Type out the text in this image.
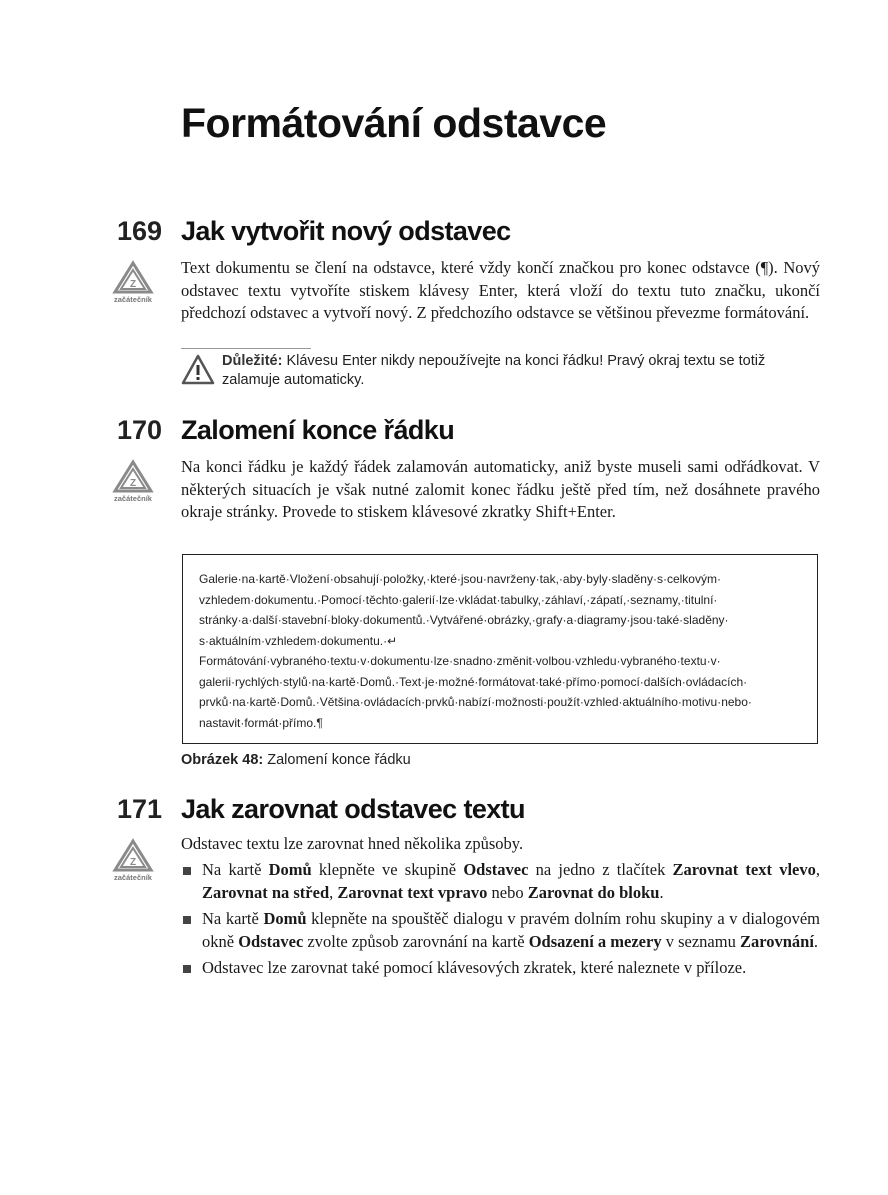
Formátování odstavce
169 Jak vytvořit nový odstavec
Z
začátečník

Text dokumentu se člení na odstavce, které vždy končí značkou pro konec odstavce (¶). Nový odstavec textu vytvoříte stiskem klávesy Enter, která vloží do textu tuto značku, ukončí předchozí odstavec a vytvoří nový. Z předchozího odstavce se většinou převezme formátování.

Důležité: Klávesu Enter nikdy nepoužívejte na konci řádku! Pravý okraj textu se totiž zalamuje automaticky.

170 Zalomení konce řádku
Z
začátečník

Na konci řádku je každý řádek zalamován automaticky, aniž byste museli sami odřádkovat. V některých situacích je však nutné zalomit konec řádku ještě před tím, než dosáhnete pravého okraje stránky. Provede to stiskem klávesové zkratky Shift+Enter.

Galerie·na·kartě·Vložení·obsahují·položky,·které·jsou·navrženy·tak,·aby·byly·sladěny·s·celkovým· vzhledem·dokumentu.·Pomocí·těchto·galerií·lze·vkládat·tabulky,·záhlaví,·zápatí,·seznamy,·titulní· stránky·a·další·stavební·bloky·dokumentů.·Vytvářené·obrázky,·grafy·a·diagramy·jsou·také·sladěny· s·aktuálním·vzhledem·dokumentu.·↵

Formátování·vybraného·textu·v·dokumentu·lze·snadno·změnit·volbou·vzhledu·vybraného·textu·v· galerii·rychlých·stylů·na·kartě·Domů.·Text·je·možné·formátovat·také·přímo·pomocí·dalších·ovládacích· prvků·na·kartě·Domů.·Většina·ovládacích·prvků·nabízí·možnosti·použít·vzhled·aktuálního·motivu·nebo· nastavit·formát·přímo.¶

Obrázek 48: Zalomení konce řádku

171 Jak zarovnat odstavec textu
Z
začátečník

Odstavec textu lze zarovnat hned několika způsoby.

Na kartě Domů klepněte ve skupině Odstavec na jedno z tlačítek Zarovnat text vlevo, Zarovnat na střed, Zarovnat text vpravo nebo Zarovnat do bloku.
Na kartě Domů klepněte na spouštěč dialogu v pravém dolním rohu skupiny a v dialogovém okně Odstavec zvolte způsob zarovnání na kartě Odsazení a mezery v seznamu Zarovnání.
Odstavec lze zarovnat také pomocí klávesových zkratek, které naleznete v příloze.
